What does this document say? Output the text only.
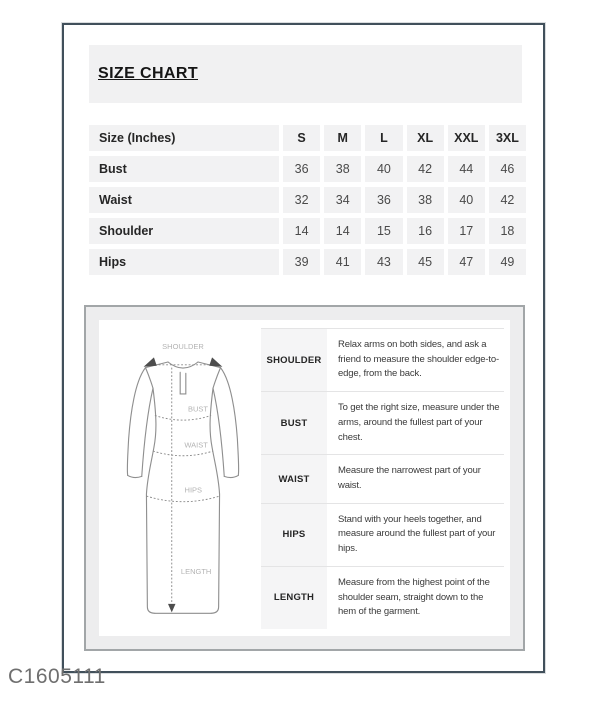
SIZE CHART
Size (Inches)	S	M	L	XL	XXL	3XL
Bust	36	38	40	42	44	46
Waist	32	34	36	38	40	42
Shoulder	14	14	15	16	17	18
Hips	39	41	43	45	47	49
SHOULDER
BUST
WAIST
HIPS
LENGTH
SHOULDER
Relax arms on both sides, and ask a friend to measure the shoulder edge-to-edge, from the back.
BUST
To get the right size, measure under the arms, around the fullest part of your chest.
WAIST
Measure the narrowest part of your waist.
HIPS
Stand with your heels together, and measure around the fullest part of your hips.
LENGTH
Measure from the highest point of the shoulder seam, straight down to the hem of the garment.
C1605111
